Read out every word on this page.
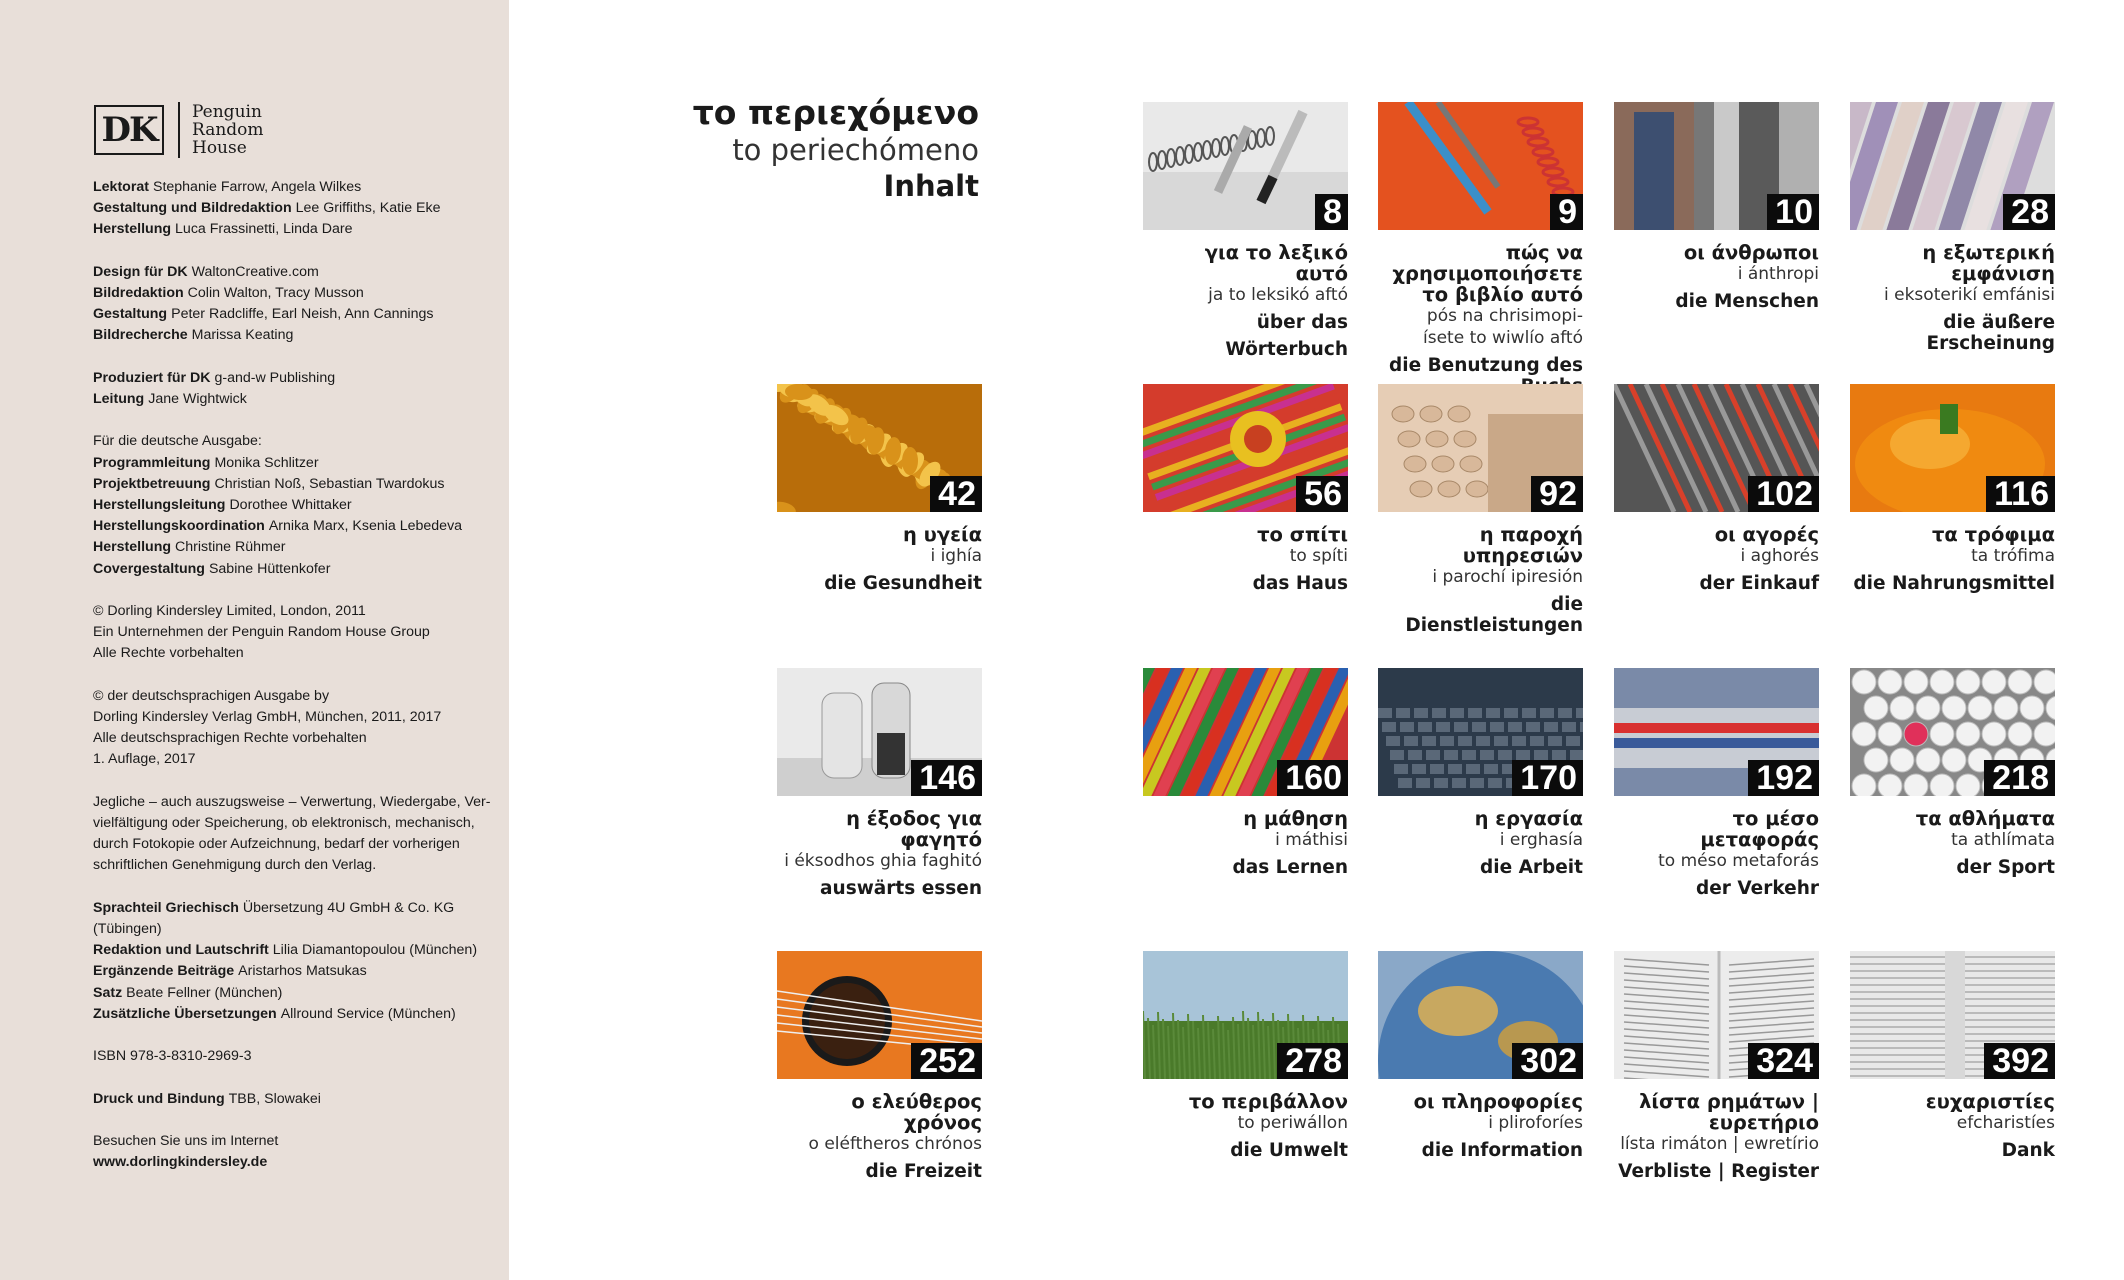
DK	Penguin
Random
House
Lektorat Stephanie Farrow, Angela Wilkes
Gestaltung und Bildredaktion Lee Griffiths, Katie Eke
Herstellung Luca Frassinetti, Linda Dare
Design für DK WaltonCreative.com
Bildredaktion Colin Walton, Tracy Musson
Gestaltung Peter Radcliffe, Earl Neish, Ann Cannings
Bildrecherche Marissa Keating
Produziert für DK g-and-w Publishing
Leitung Jane Wightwick
Für die deutsche Ausgabe:
Programmleitung Monika Schlitzer
Projektbetreuung Christian Noß, Sebastian Twardokus
Herstellungsleitung Dorothee Whittaker
Herstellungskoordination Arnika Marx, Ksenia Lebedeva
Herstellung Christine Rühmer
Covergestaltung Sabine Hüttenkofer
© Dorling Kindersley Limited, London, 2011
Ein Unternehmen der Penguin Random House Group
Alle Rechte vorbehalten
© der deutschsprachigen Ausgabe by
Dorling Kindersley Verlag GmbH, München, 2011, 2017
Alle deutschsprachigen Rechte vorbehalten
1. Auflage, 2017
Jegliche – auch auszugsweise – Verwertung, Wiedergabe, Ver-
vielfältigung oder Speicherung, ob elektronisch, mechanisch,
durch Fotokopie oder Aufzeichnung, bedarf der vorherigen
schriftlichen Genehmigung durch den Verlag.
Sprachteil Griechisch Übersetzung 4U GmbH & Co. KG
(Tübingen)
Redaktion und Lautschrift Lilia Diamantopoulou (München)
Ergänzende Beiträge Aristarhos Matsukas
Satz Beate Fellner (München)
Zusätzliche Übersetzungen Allround Service (München)
ISBN 978-3-8310-2969-3
Druck und Bindung TBB, Slowakei
Besuchen Sie uns im Internet
www.dorlingkindersley.de
το περιεχόμενο
to periechómeno
Inhalt
8
για το λεξικό
αυτό
ja to leksikó aftó
über das
Wörterbuch
9
πώς να
χρησιμοποιήσετε
το βιβλίο αυτό
pós na chrisimopi-
ísete to wiwlío aftó
die Benutzung des
10
οι άνθρωποι
i ánthropi
die Menschen
28
η εξωτερική
εμφάνιση
i eksoterikí emfánisi
die äußere Erscheinung
42
η υγεία
i ighía
die Gesundheit
56
το σπίτι
to spíti
das Haus
92
η παροχή
υπηρεσιών
i parochí ipiresión
die Dienstleistungen
102
οι αγορές
i aghorés
der Einkauf
116
τα τρόφιμα
ta trófima
die Nahrungsmittel
146
η έξοδος για
φαγητό
i éksodhos ghia faghitó
auswärts essen
160
η μάθηση
i máthisi
das Lernen
170
η εργασία
i erghasía
die Arbeit
192
το μέσο
μεταφοράς
to méso metaforás
der Verkehr
218
τα αθλήματα
ta athlímata
der Sport
252
ο ελεύθερος
χρόνος
o eléftheros chrónos
die Freizeit
278
το περιβάλλον
to periwállon
die Umwelt
302
οι πληροφορίες
i pliroforíes
die Information
324
λίστα ρημάτων |
ευρετήριο
lísta rimáton | ewretírio
Verbliste | Register
392
ευχαριστίες
efcharistíes
Dank
